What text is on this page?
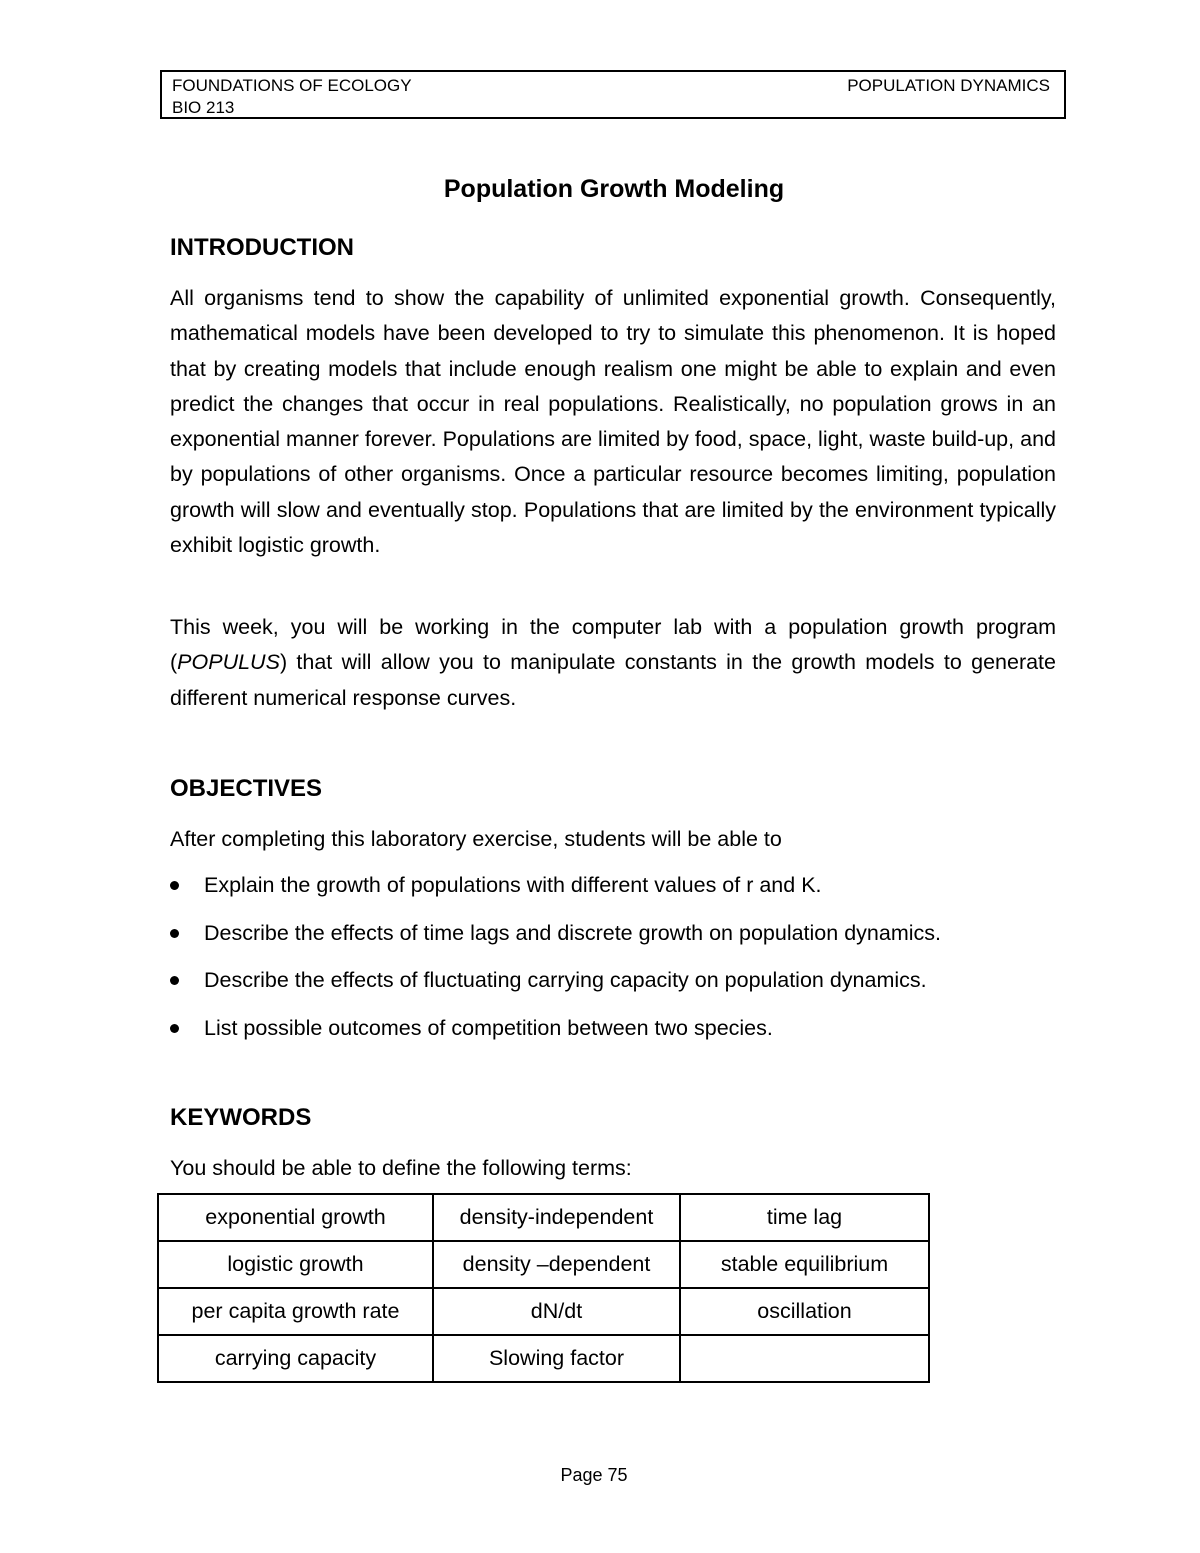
FOUNDATIONS OF ECOLOGY
BIO 213
POPULATION DYNAMICS
Population Growth Modeling
INTRODUCTION

All organisms tend to show the capability of unlimited exponential growth. Consequently, mathematical models have been developed to try to simulate this phenomenon. It is hoped that by creating models that include enough realism one might be able to explain and even predict the changes that occur in real populations. Realistically, no population grows in an exponential manner forever. Populations are limited by food, space, light, waste build-up, and by populations of other organisms. Once a particular resource becomes limiting, population growth will slow and eventually stop. Populations that are limited by the environment typically exhibit logistic growth.

This week, you will be working in the computer lab with a population growth program (POPULUS) that will allow you to manipulate constants in the growth models to generate different numerical response curves.

OBJECTIVES

After completing this laboratory exercise, students will be able to

Explain the growth of populations with different values of r and K.
Describe the effects of time lags and discrete growth on population dynamics.
Describe the effects of fluctuating carrying capacity on population dynamics.
List possible outcomes of competition between two species.
KEYWORDS

You should be able to define the following terms:

exponential growth	density-independent	time lag
logistic growth	density –dependent	stable equilibrium
per capita growth rate	dN/dt	oscillation
carrying capacity	Slowing factor	
Page 75
